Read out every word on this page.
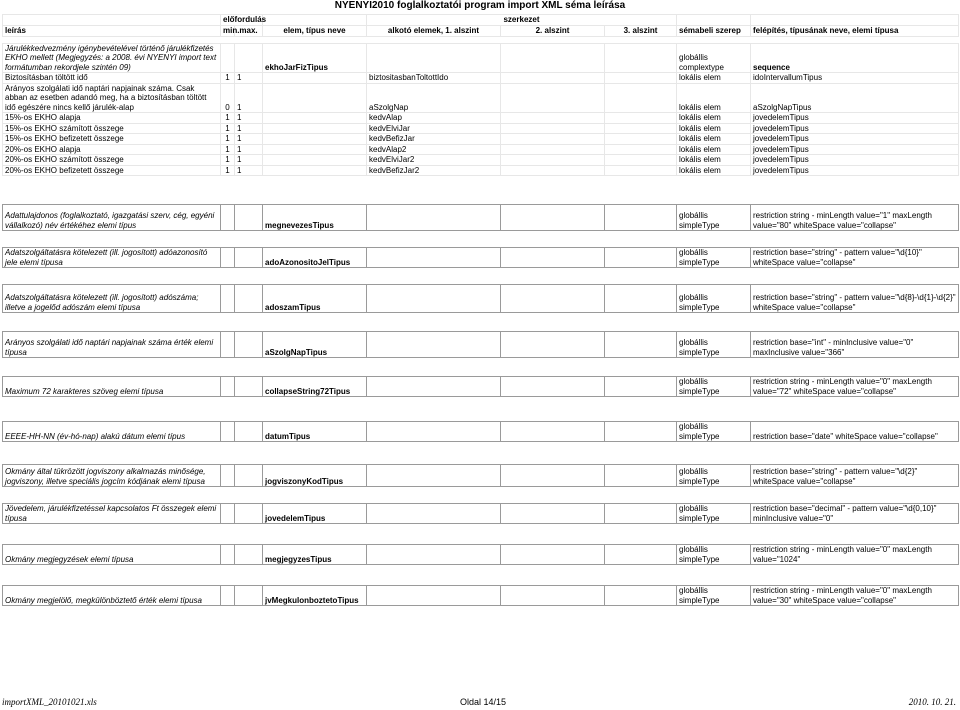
NYENYI2010 foglalkoztatói program import XML séma leírása
	előfordulás			szerkezet				
leírás	min.	max.	elem, típus neve	alkotó elemek, 1. alszint	2. alszint	3. alszint	sémabeli szerep	felépítés, típusának neve, elemi típusa

Járulékkedvezmény igénybevételével történő járulékfizetés EKHO mellett (Megjegyzés: a 2008. évi NYENYI import text formátumban rekordjele szintén 09)			ekhoJarFizTipus				globállis complextype	sequence
Biztosításban töltött idő	1	1		biztositasbanToltottIdo			lokális elem	idoIntervallumTipus
Arányos szolgálati idő naptári napjainak száma. Csak abban az esetben adandó meg, ha a biztosításban töltött idő egészére nincs kellő járulék-alap	0	1		aSzolgNap			lokális elem	aSzolgNapTipus
15%-os EKHO alapja	1	1		kedvAlap			lokális elem	jovedelemTipus
15%-os EKHO számított összege	1	1		kedvElviJar			lokális elem	jovedelemTipus
15%-os EKHO befizetett összege	1	1		kedvBefizJar			lokális elem	jovedelemTipus
20%-os EKHO alapja	1	1		kedvAlap2			lokális elem	jovedelemTipus
20%-os EKHO számított összege	1	1		kedvElviJar2			lokális elem	jovedelemTipus
20%-os EKHO befizetett összege	1	1		kedvBefizJar2			lokális elem	jovedelemTipus

Adattulajdonos (foglalkoztató, igazgatási szerv, cég, egyéni vállalkozó) név értékéhez elemi típus			megnevezesTipus				globállis simpleType	restriction string - minLength value="1" maxLength value="80" whiteSpace value="collapse"

Adatszolgáltatásra kötelezett (ill. jogosított) adóazonosító jele elemi típusa			adoAzonositoJelTipus				globállis simpleType	restriction base="string" - pattern value="\d{10}" whiteSpace value="collapse"

Adatszolgáltatásra kötelezett (ill. jogosított) adószáma; illetve a jogelőd adószám elemi típusa			adoszamTipus				globállis simpleType	restriction base="string" - pattern value="\d{8}-\d{1}-\d{2}" whiteSpace value="collapse"

Arányos szolgálati idő naptári napjainak száma érték elemi típusa			aSzolgNapTipus				globállis simpleType	restriction base="int" - minInclusive value="0" maxInclusive value="366"

Maximum 72 karakteres szöveg elemi típusa			collapseString72Tipus				globállis simpleType	restriction string - minLength value="0" maxLength value="72" whiteSpace value="collapse"

EEEE-HH-NN (év-hó-nap) alakú dátum elemi típus			datumTipus				globállis simpleType	restriction base="date" whiteSpace value="collapse"

Okmány által tükrözött jogviszony alkalmazás minősége, jogviszony, illetve speciális jogcím kódjának elemi típusa			jogviszonyKodTipus				globállis simpleType	restriction base="string" - pattern value="\d{2}" whiteSpace value="collapse"

Jövedelem, járulékfizetéssel kapcsolatos Ft összegek elemi típusa			jovedelemTipus				globállis simpleType	restriction base="decimal" - pattern value="\d{0,10}" minInclusive value="0"

Okmány megjegyzések elemi típusa			megjegyzesTipus				globállis simpleType	restriction string - minLength value="0" maxLength value="1024"

Okmány megjelölő, megkülönböztető érték elemi típusa			jvMegkulonboztetoTipus				globállis simpleType	restriction string - minLength value="0" maxLength value="30" whiteSpace value="collapse"
importXML_20101021.xls	Oldal 14/15	2010. 10. 21.
